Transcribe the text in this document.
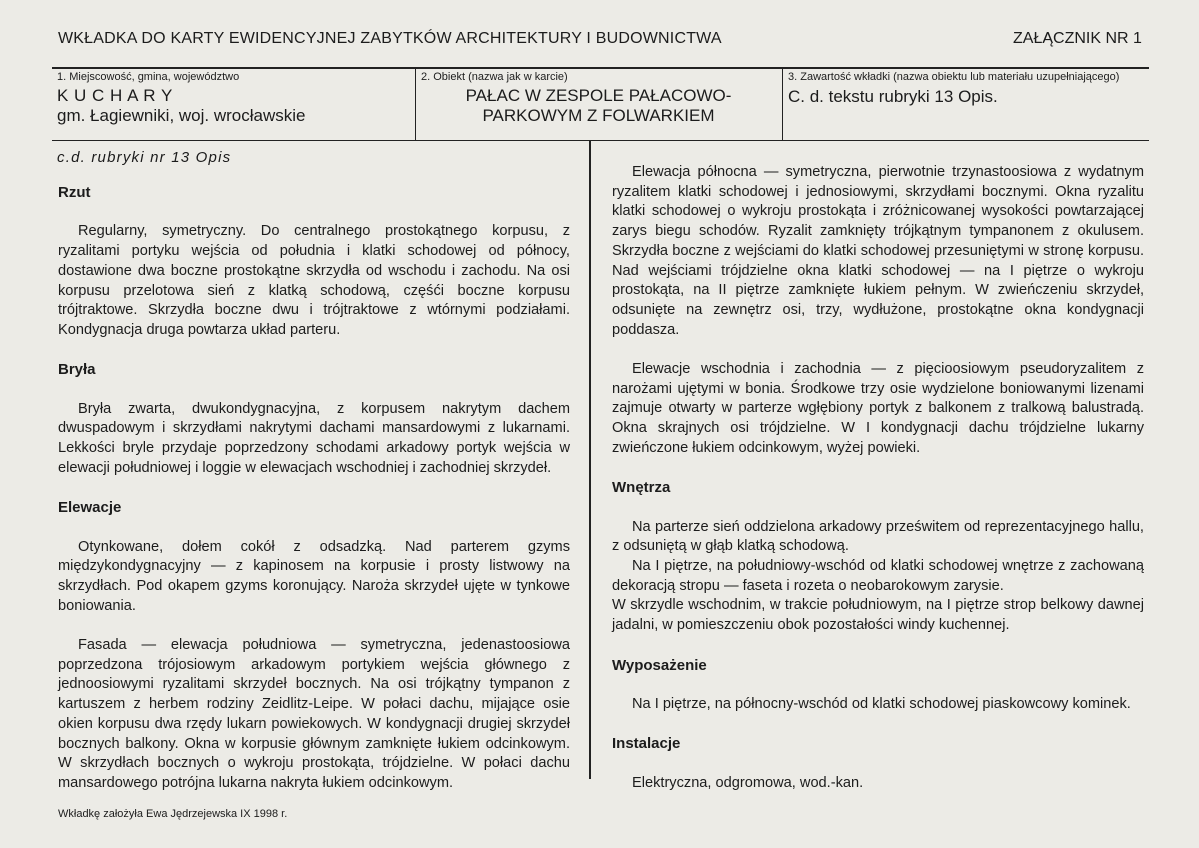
WKŁADKA DO KARTY EWIDENCYJNEJ ZABYTKÓW ARCHITEKTURY I BUDOWNICTWA	ZAŁĄCZNIK NR 1
1. Miejscowość, gmina, województwo
K U C H A R Y
gm. Łagiewniki, woj. wrocławskie
2. Obiekt (nazwa jak w karcie)
PAŁAC W ZESPOLE PAŁACOWO-
PARKOWYM Z FOLWARKIEM
3. Zawartość wkładki (nazwa obiektu lub materiału uzupełniającego)
C. d. tekstu rubryki 13 Opis.
c.d. rubryki nr 13 Opis
Rzut

Regularny, symetryczny. Do centralnego prostokątnego korpusu, z ryzalitami portyku wejścia od południa i klatki schodowej od północy, dostawione dwa boczne prostokątne skrzydła od wschodu i zachodu. Na osi korpusu przelotowa sień z klatką schodową, częśći boczne korpusu trójtraktowe. Skrzydła boczne dwu i trójtraktowe z wtórnymi podziałami. Kondygnacja druga powtarza układ parteru.

Bryła

Bryła zwarta, dwukondygnacyjna, z korpusem nakrytym dachem dwuspadowym i skrzydłami nakrytymi dachami mansardowymi z lukarnami. Lekkości bryle przydaje poprzedzony schodami arkadowy portyk wejścia w elewacji południowej i loggie w elewacjach wschodniej i zachodniej skrzydeł.

Elewacje

Otynkowane, dołem cokół z odsadzką. Nad parterem gzyms międzykondygnacyjny — z kapinosem na korpusie i prosty listwowy na skrzydłach. Pod okapem gzyms koronujący. Naroża skrzydeł ujęte w tynkowe boniowania.

Fasada — elewacja południowa — symetryczna, jedenastoosiowa poprzedzona trójosiowym arkadowym portykiem wejścia głównego z jednoosiowymi ryzalitami skrzydeł bocznych. Na osi trójkątny tympanon z kartuszem z herbem rodziny Zeidlitz-Leipe. W połaci dachu, mijające osie okien korpusu dwa rzędy lukarn powiekowych. W kondygnacji drugiej skrzydeł bocznych balkony. Okna w korpusie głównym zamknięte łukiem odcinkowym. W skrzydłach bocznych o wykroju prostokąta, trójdzielne. W połaci dachu mansardowego potrójna lukarna nakryta łukiem odcinkowym.

Elewacja północna — symetryczna, pierwotnie trzynastoosiowa z wydatnym ryzalitem klatki schodowej i jednosiowymi, skrzydłami bocznymi. Okna ryzalitu klatki schodowej o wykroju prostokąta i zróżnicowanej wysokości powtarzającej zarys biegu schodów. Ryzalit zamknięty trójkątnym tympanonem z okulusem. Skrzydła boczne z wejściami do klatki schodowej przesuniętymi w stronę korpusu. Nad wejściami trójdzielne okna klatki schodowej — na I piętrze o wykroju prostokąta, na II piętrze zamknięte łukiem pełnym. W zwieńczeniu skrzydeł, odsunięte na zewnętrz osi, trzy, wydłużone, prostokątne okna kondygnacji poddasza.

Elewacje wschodnia i zachodnia — z pięcioosiowym pseudoryzalitem z narożami ujętymi w bonia. Środkowe trzy osie wydzielone boniowanymi lizenami zajmuje otwarty w parterze wgłębiony portyk z balkonem z tralkową balustradą. Okna skrajnych osi trójdzielne. W I kondygnacji dachu trójdzielne lukarny zwieńczone łukiem odcinkowym, wyżej powieki.

Wnętrza

Na parterze sień oddzielona arkadowy prześwitem od reprezentacyjnego hallu, z odsuniętą w głąb klatką schodową.

Na I piętrze, na południowy-wschód od klatki schodowej wnętrze z zachowaną dekoracją stropu — faseta i rozeta o neobarokowym zarysie.

W skrzydle wschodnim, w trakcie południowym, na I piętrze strop belkowy dawnej jadalni, w pomieszczeniu obok pozostałości windy kuchennej.

Wyposażenie

Na I piętrze, na północny-wschód od klatki schodowej piaskowcowy kominek.

Instalacje

Elektryczna, odgromowa, wod.-kan.

Wkładkę założyła Ewa Jędrzejewska IX 1998 r.
